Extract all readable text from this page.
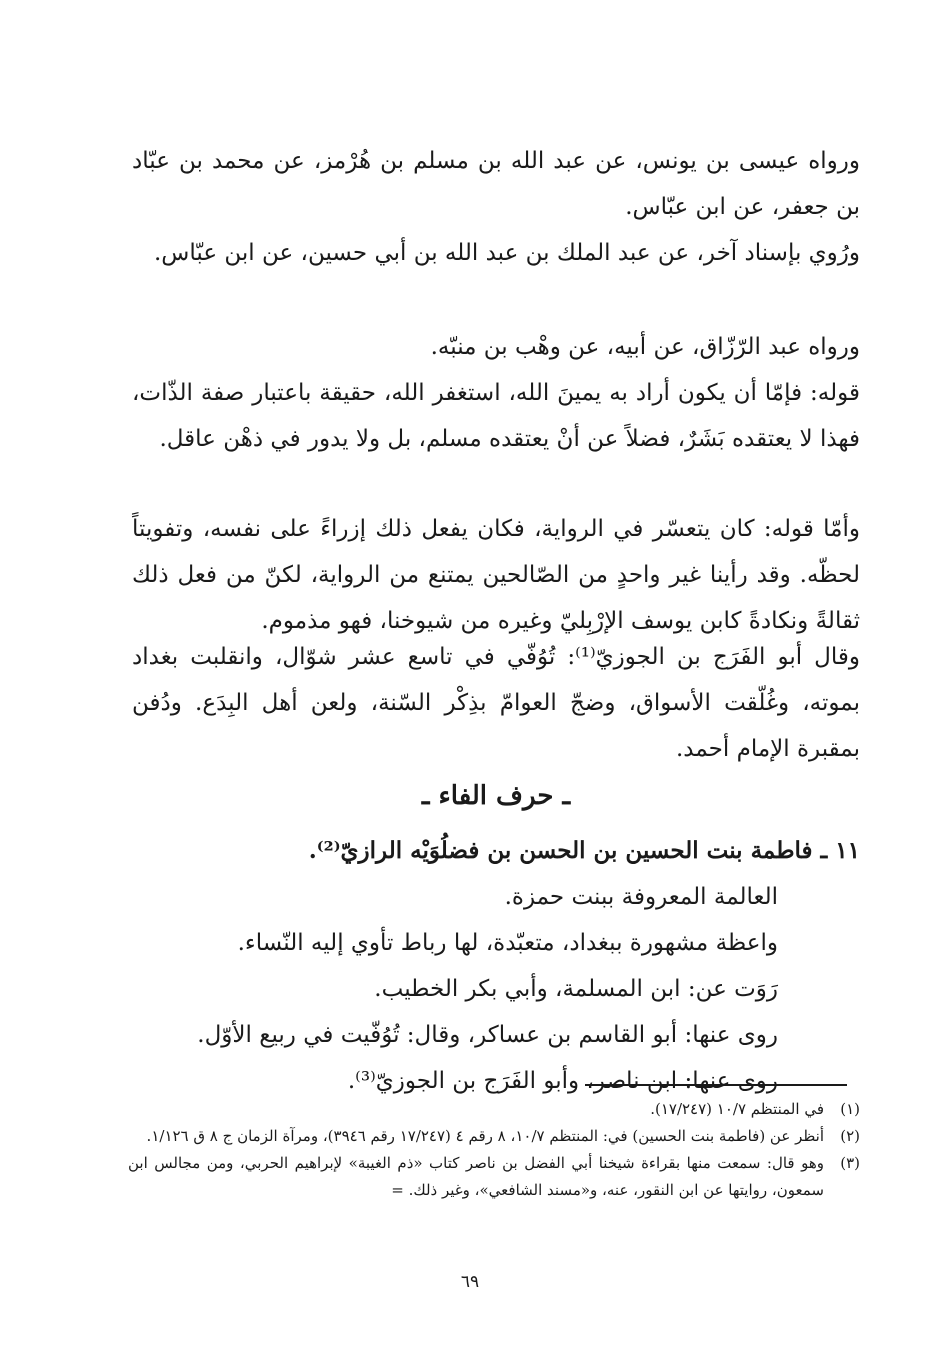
ورواه عيسى بن يونس، عن عبد الله بن مسلم بن هُرْمز، عن محمد بن عبّاد بن جعفر، عن ابن عبّاس.

ورُوي بإسناد آخر، عن عبد الملك بن عبد الله بن أبي حسين، عن ابن عبّاس.

ورواه عبد الرّزّاق، عن أبيه، عن وهْب بن منبّه.

قوله: فإمّا أن يكون أراد به يمينَ الله، استغفر الله، حقيقة باعتبار صفة الذّات، فهذا لا يعتقده بَشَرٌ، فضلاً عن أنْ يعتقده مسلم، بل ولا يدور في ذهْن عاقل.

وأمّا قوله: كان يتعسّر في الرواية، فكان يفعل ذلك إزراءً على نفسه، وتفويتاً لحظّه. وقد رأينا غير واحدٍ من الصّالحين يمتنع من الرواية، لكنّ من فعل ذلك ثقالةً ونكادةً كابن يوسف الإرْبِليّ وغيره من شيوخنا، فهو مذموم.

وقال أبو الفَرَج بن الجوزيّ⁽¹⁾: تُوُفّي في تاسع عشر شوّال، وانقلبت بغداد بموته، وغُلّقت الأسواق، وضجّ العوامّ بذِكْر السّنة، ولعن أهل البِدَع. ودُفن بمقبرة الإمام أحمد.

ـ حرف الفاء ـ
١١ ـ فاطمة بنت الحسين بن الحسن بن فضلُوَيْه الرازيّ⁽²⁾.
العالمة المعروفة ببنت حمزة.
واعظة مشهورة ببغداد، متعبّدة، لها رباط تأوي إليه النّساء.
رَوَت عن: ابن المسلمة، وأبي بكر الخطيب.
روى عنها: أبو القاسم بن عساكر، وقال: تُوُفّيت في ربيع الأوّل.
روى عنها: ابن ناصر، وأبو الفَرَج بن الجوزيّ⁽³⁾.
(١)
في المنتظم ١٠/٧ (١٧/٢٤٧).
(٢)
أنظر عن (فاطمة بنت الحسين) في: المنتظم ١٠/٧، ٨ رقم ٤ (١٧/٢٤٧ رقم ٣٩٤٦)، ومرآة الزمان ج ٨ ق ١/١٢٦.
(٣)
وهو قال: سمعت منها بقراءة شيخنا أبي الفضل بن ناصر كتاب «ذم الغيبة» لإبراهيم الحربي، ومن مجالس ابن سمعون، روايتها عن ابن النقور، عنه، و«مسند الشافعي»، وغير ذلك. =
٦٩
